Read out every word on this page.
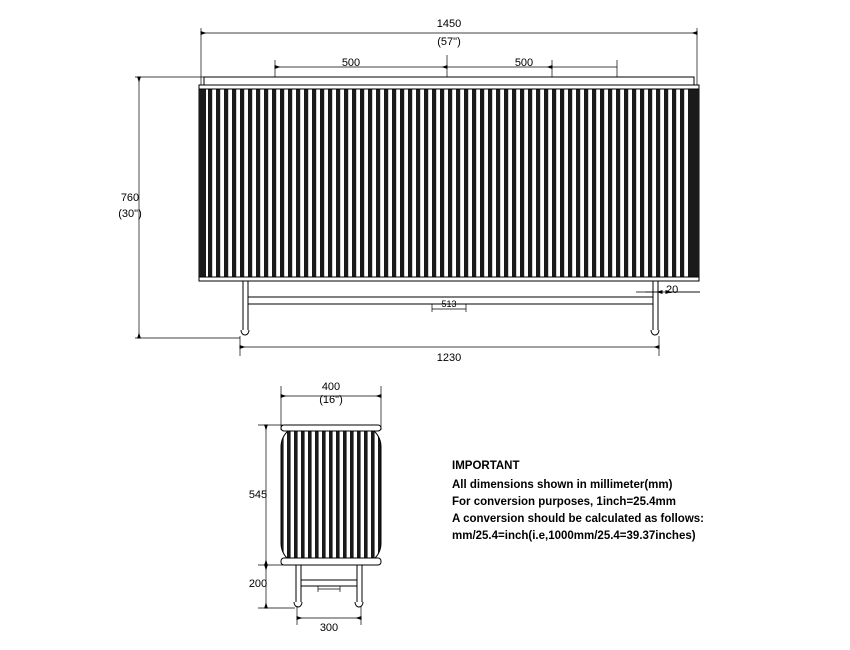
1450
(57")
500	500
760
(30")
20
1230
513
400
(16")
545
200
300
IMPORTANT
All dimensions shown in millimeter(mm)
For conversion purposes, 1inch=25.4mm
A conversion should be calculated as follows:
mm/25.4=inch(i.e,1000mm/25.4=39.37inches)
